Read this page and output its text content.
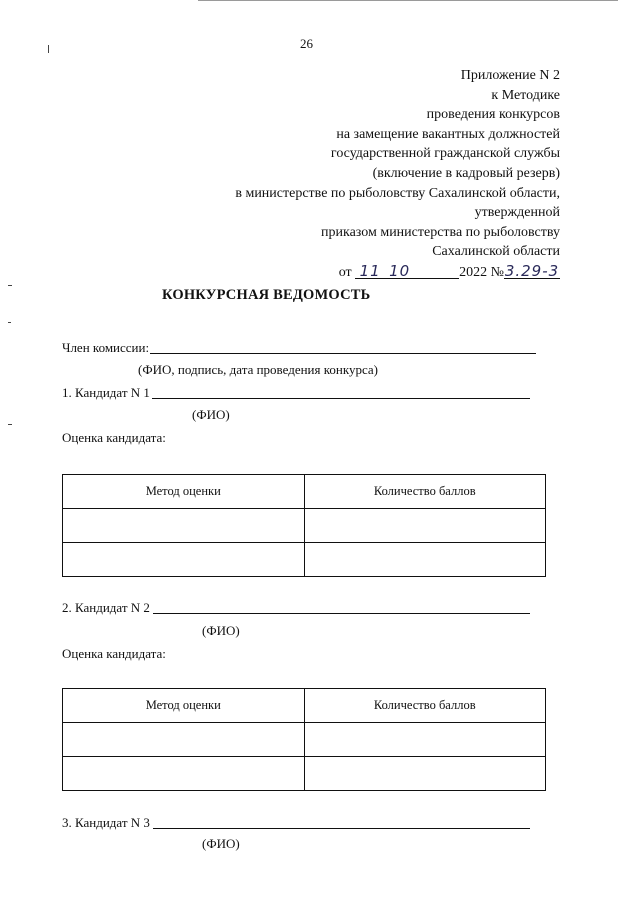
26
Приложение N 2
к Методике
проведения конкурсов
на замещение вакантных должностей
государственной гражданской службы
(включение в кадровый резерв)
в министерстве по рыболовству Сахалинской области,
утвержденной
приказом министерства по рыболовству
Сахалинской области
от 11 10	2022 №3.29-3
КОНКУРСНАЯ ВЕДОМОСТЬ
Член комиссии:
(ФИО, подпись, дата проведения конкурса)
1. Кандидат N 1
(ФИО)
Оценка кандидата:
Метод оценки	Количество баллов

2. Кандидат N 2
(ФИО)
Оценка кандидата:
Метод оценки	Количество баллов

3. Кандидат N 3
(ФИО)
